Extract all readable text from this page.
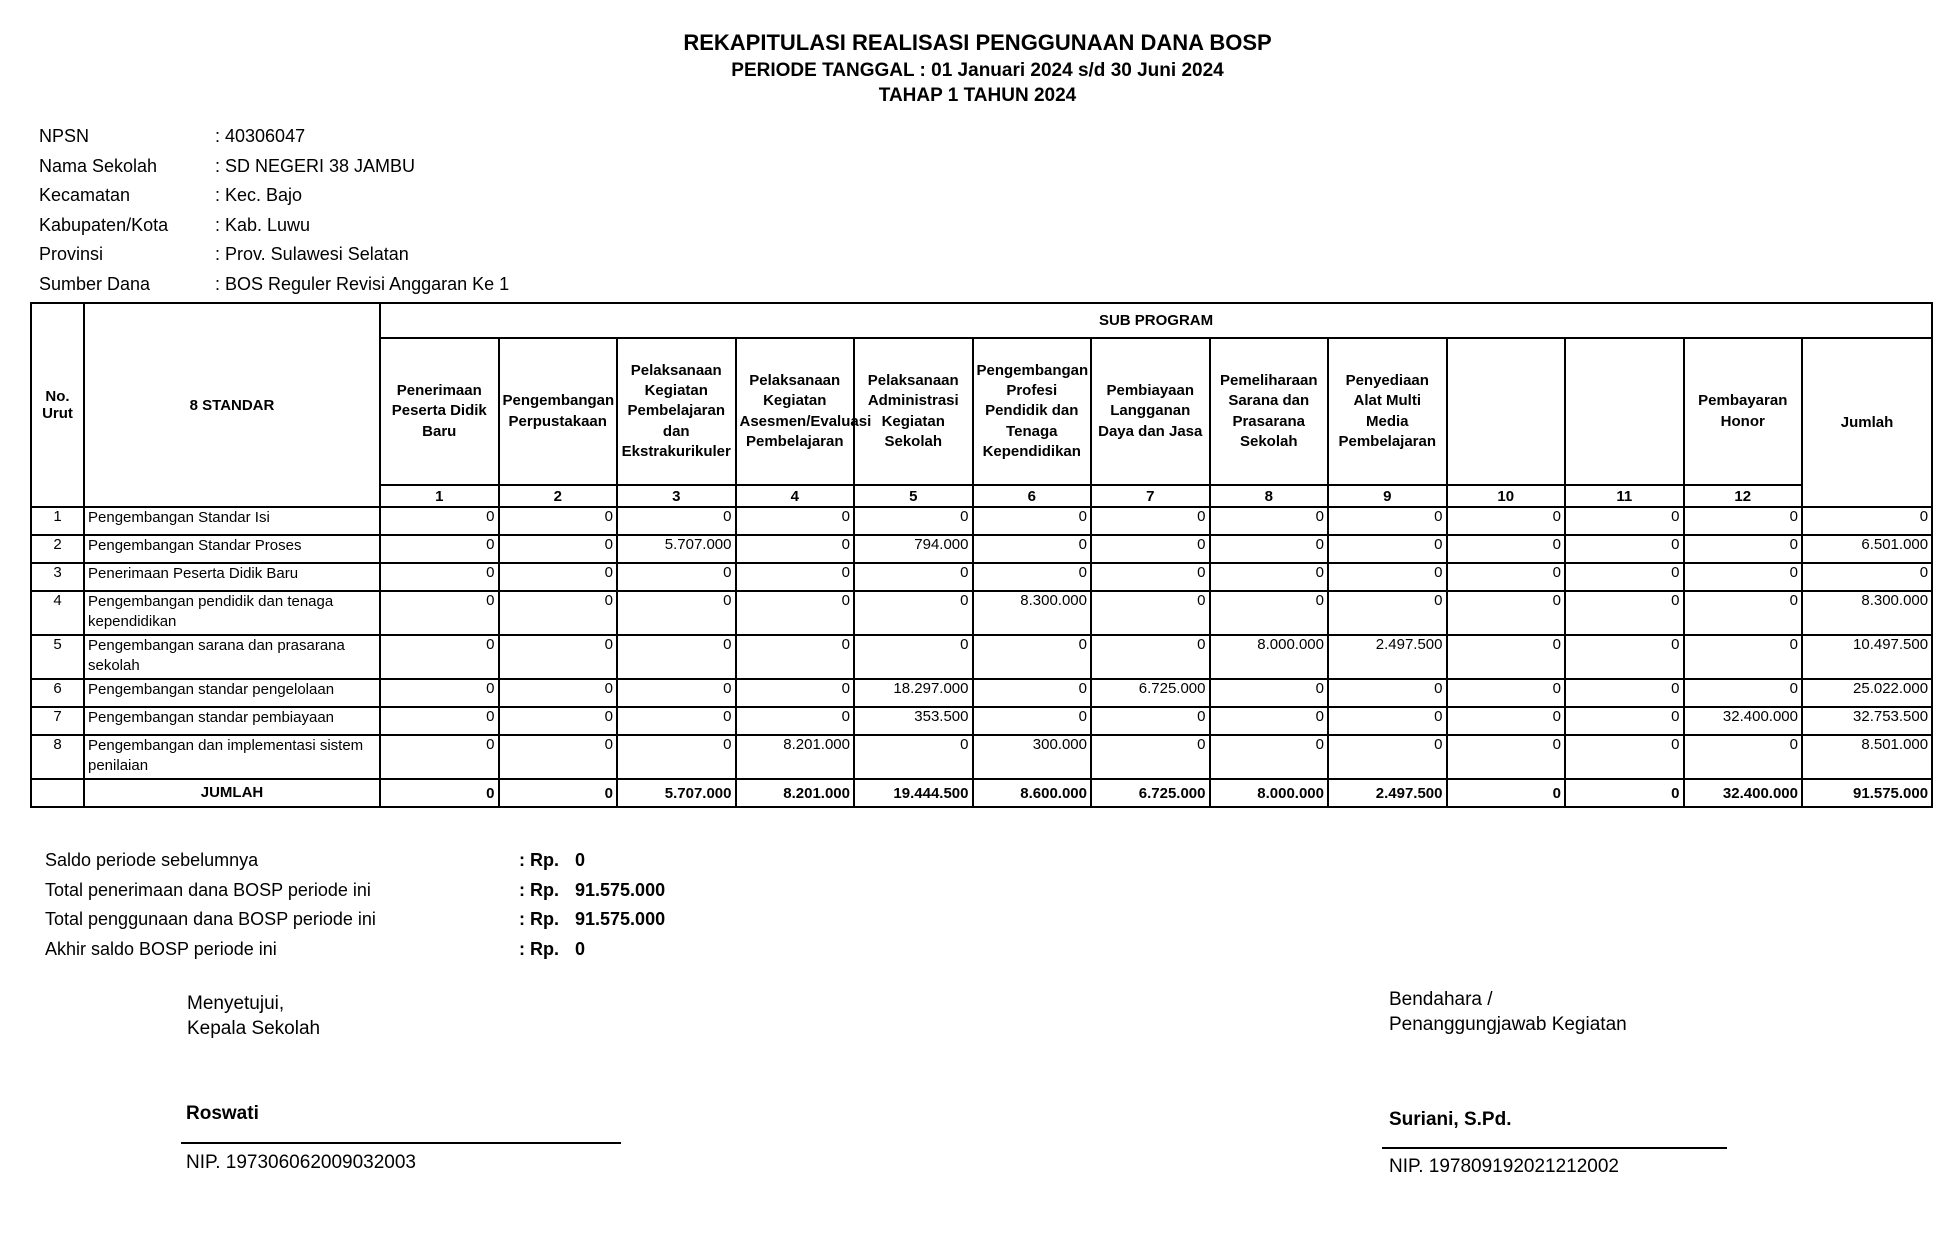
REKAPITULASI REALISASI PENGGUNAAN DANA BOSP
PERIODE TANGGAL : 01 Januari 2024 s/d 30 Juni 2024
TAHAP 1 TAHUN 2024
NPSN	: 40306047
Nama Sekolah	: SD NEGERI 38 JAMBU
Kecamatan	: Kec. Bajo
Kabupaten/Kota	: Kab. Luwu
Provinsi	: Prov. Sulawesi Selatan
Sumber Dana	: BOS Reguler Revisi Anggaran Ke 1
No. Urut	8 STANDAR	SUB PROGRAM												
		Penerimaan Peserta Didik Baru	Pengembangan Perpustakaan	Pelaksanaan Kegiatan Pembelajaran dan Ekstrakurikuler	Pelaksanaan Kegiatan Asesmen/Evaluasi Pembelajaran	Pelaksanaan Administrasi Kegiatan Sekolah	Pengembangan Profesi Pendidik dan Tenaga Kependidikan	Pembiayaan Langganan Daya dan Jasa	Pemeliharaan Sarana dan Prasarana Sekolah	Penyediaan Alat Multi Media Pembelajaran			Pembayaran Honor	Jumlah
		1	2	3	4	5	6	7	8	9	10	11	12	
1	Pengembangan Standar Isi	0	0	0	0	0	0	0	0	0	0	0	0	0
2	Pengembangan Standar Proses	0	0	5.707.000	0	794.000	0	0	0	0	0	0	0	6.501.000
3	Penerimaan Peserta Didik Baru	0	0	0	0	0	0	0	0	0	0	0	0	0
4	Pengembangan pendidik dan tenaga kependidikan	0	0	0	0	0	8.300.000	0	0	0	0	0	0	8.300.000
5	Pengembangan sarana dan prasarana sekolah	0	0	0	0	0	0	0	8.000.000	2.497.500	0	0	0	10.497.500
6	Pengembangan standar pengelolaan	0	0	0	0	18.297.000	0	6.725.000	0	0	0	0	0	25.022.000
7	Pengembangan standar pembiayaan	0	0	0	0	353.500	0	0	0	0	0	0	32.400.000	32.753.500
8	Pengembangan dan implementasi sistem penilaian	0	0	0	8.201.000	0	300.000	0	0	0	0	0	0	8.501.000
	JUMLAH	0	0	5.707.000	8.201.000	19.444.500	8.600.000	6.725.000	8.000.000	2.497.500	0	0	32.400.000	91.575.000
Saldo periode sebelumnya	: Rp. 0
Total penerimaan dana BOSP periode ini	: Rp. 91.575.000
Total penggunaan dana BOSP periode ini	: Rp. 91.575.000
Akhir saldo BOSP periode ini	: Rp. 0
Menyetujui,
Kepala Sekolah
Roswati
NIP. 197306062009032003
Bendahara /
Penanggungjawab Kegiatan
Suriani, S.Pd.
NIP. 197809192021212002
